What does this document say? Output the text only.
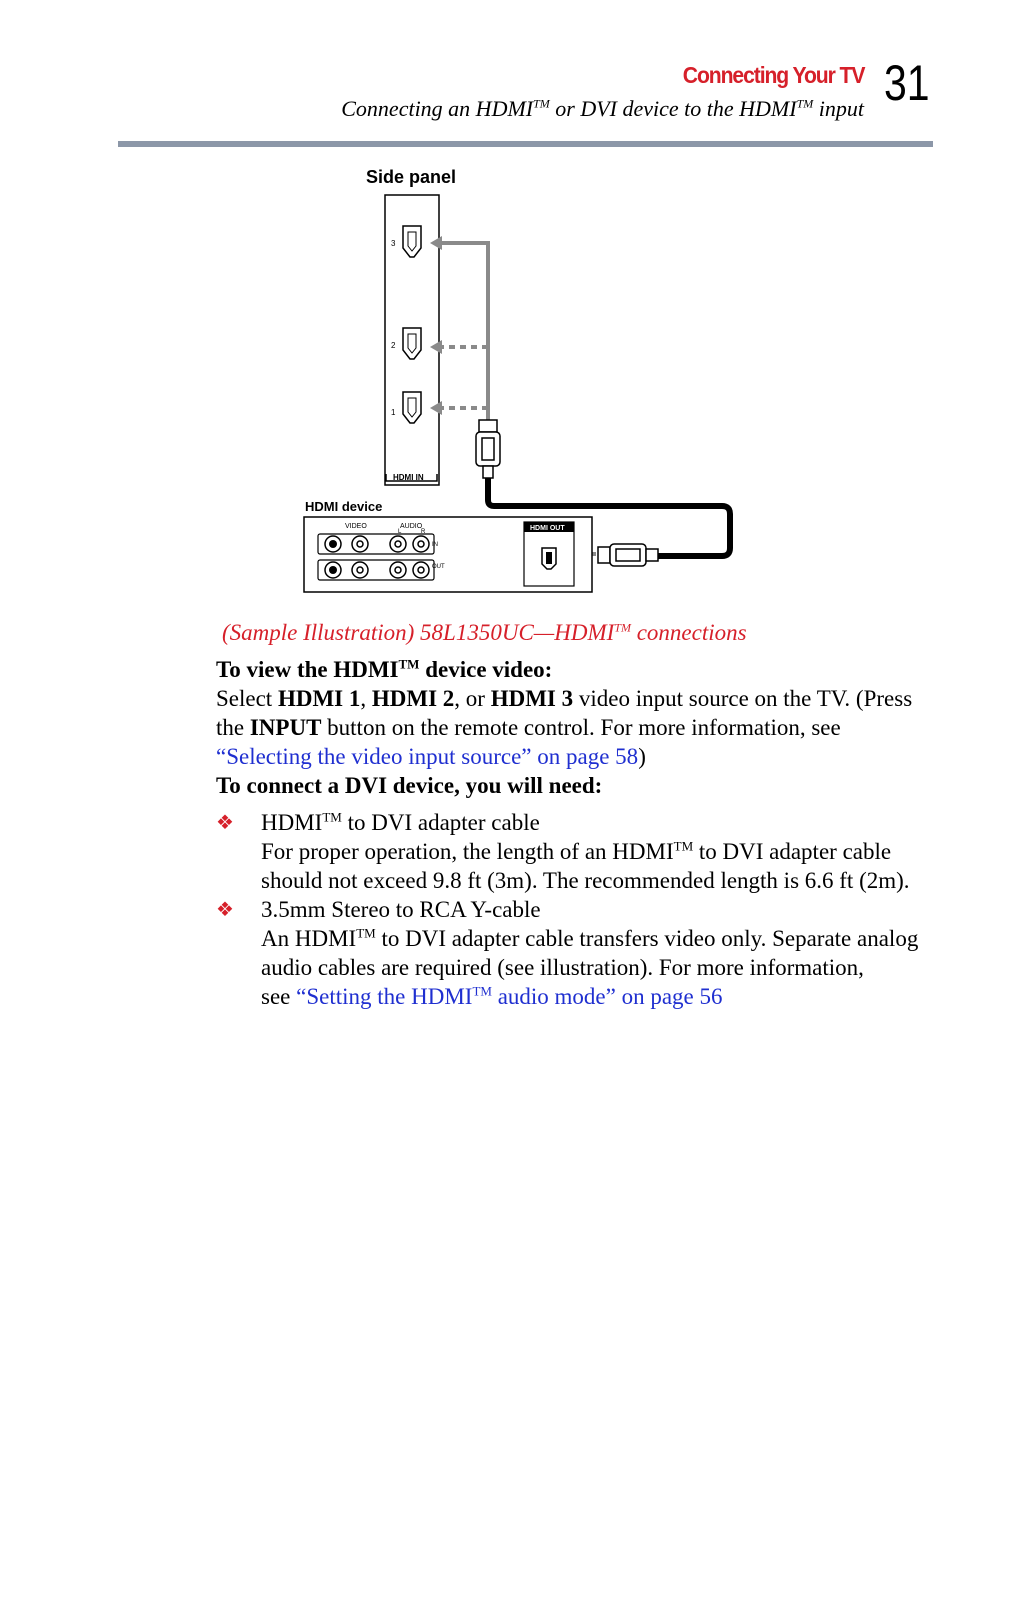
Connecting Your TV 31
Connecting an HDMI™ or DVI device to the HDMI™ input
Side panel
3
2
1
HDMI IN
HDMI device
VIDEO	AUDIO
L	R
IN
OUT
HDMI OUT
(Sample Illustration) 58L1350UC—HDMI™ connections

To view the HDMI™ device video:

Select HDMI 1, HDMI 2, or HDMI 3 video input source on the TV. (Press the INPUT button on the remote control. For more information, see “Selecting the video input source” on page 58)

To connect a DVI device, you will need:

❖ HDMI™ to DVI adapter cable

For proper operation, the length of an HDMI™ to DVI adapter cable should not exceed 9.8 ft (3m). The recommended length is 6.6 ft (2m).

❖ 3.5mm Stereo to RCA Y-cable

An HDMI™ to DVI adapter cable transfers video only. Separate analog audio cables are required (see illustration). For more information,

see “Setting the HDMI™ audio mode” on page 56
